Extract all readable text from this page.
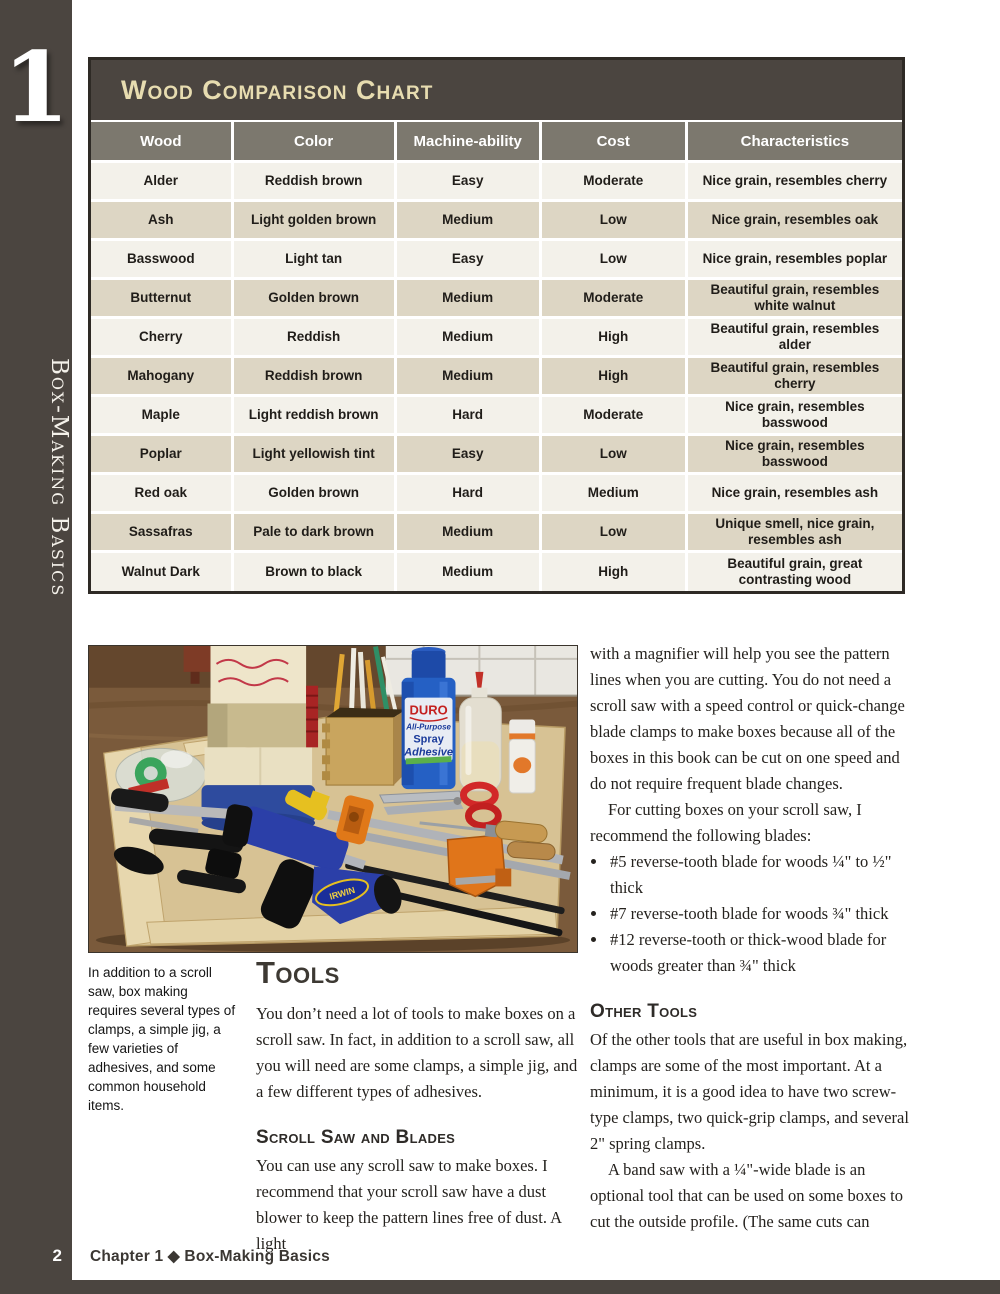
1
Box-Making Basics
Wood Comparison Chart
Wood	Color	Machine-ability	Cost	Characteristics
Alder	Reddish brown	Easy	Moderate	Nice grain, resembles cherry
Ash	Light golden brown	Medium	Low	Nice grain, resembles oak
Basswood	Light tan	Easy	Low	Nice grain, resembles poplar
Butternut	Golden brown	Medium	Moderate	Beautiful grain, resembles white walnut
Cherry	Reddish	Medium	High	Beautiful grain, resembles alder
Mahogany	Reddish brown	Medium	High	Beautiful grain, resembles cherry
Maple	Light reddish brown	Hard	Moderate	Nice grain, resembles basswood
Poplar	Light yellowish tint	Easy	Low	Nice grain, resembles basswood
Red oak	Golden brown	Hard	Medium	Nice grain, resembles ash
Sassafras	Pale to dark brown	Medium	Low	Unique smell, nice grain, resembles ash
Walnut Dark	Brown to black	Medium	High	Beautiful grain, great contrasting wood
DURO
All-Purpose
Spray
Adhesive
IRWIN
In addition to a scroll saw, box making requires several types of clamps, a simple jig, a few varieties of adhesives, and some common household items.
Tools

You don’t need a lot of tools to make boxes on a scroll saw. In fact, in addition to a scroll saw, all you will need are some clamps, a simple jig, and a few different types of adhesives.

Scroll Saw and Blades

You can use any scroll saw to make boxes. I recommend that your scroll saw have a dust blower to keep the pattern lines free of dust. A light

with a magnifier will help you see the pattern lines when you are cutting. You do not need a scroll saw with a speed control or quick-change blade clamps to make boxes because all of the boxes in this book can be cut on one speed and do not require frequent blade changes.

For cutting boxes on your scroll saw, I recommend the following blades:

• #5 reverse-tooth blade for woods ¼" to ½" thick
• #7 reverse-tooth blade for woods ¾" thick
• #12 reverse-tooth or thick-wood blade for woods greater than ¾" thick
Other Tools

Of the other tools that are useful in box making, clamps are some of the most important. At a minimum, it is a good idea to have two screw-type clamps, two quick-grip clamps, and several 2" spring clamps.

A band saw with a ¼"-wide blade is an optional tool that can be used on some boxes to cut the outside profile. (The same cuts can

2 Chapter 1 ◆ Box-Making Basics
